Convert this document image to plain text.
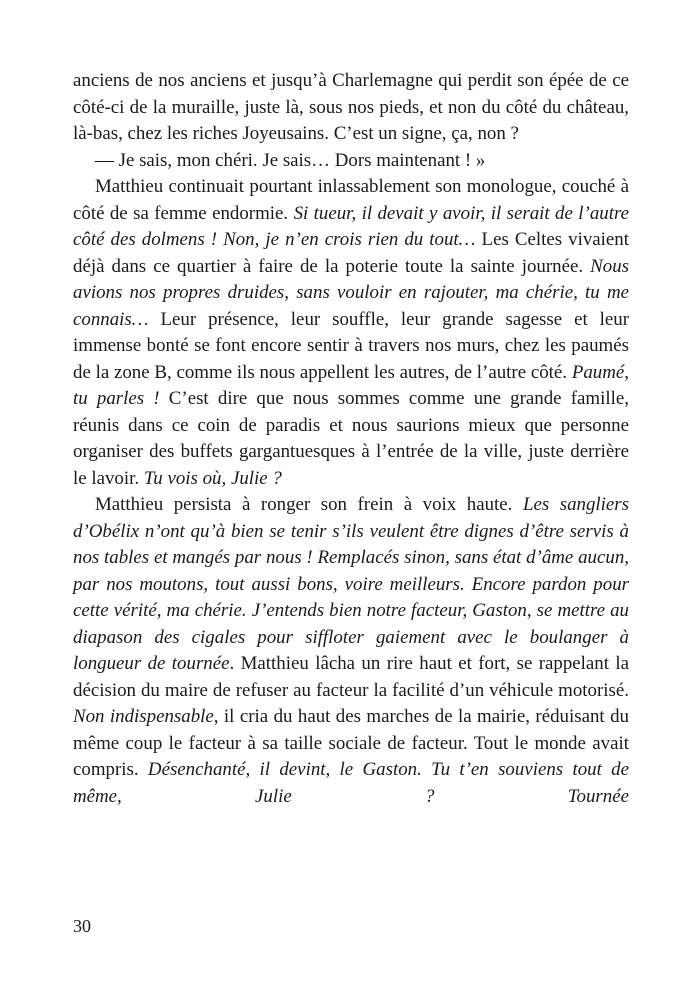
anciens de nos anciens et jusqu’à Charlemagne qui perdit son épée de ce côté-ci de la muraille, juste là, sous nos pieds, et non du côté du château, là-bas, chez les riches Joyeusains. C’est un signe, ça, non ?

— Je sais, mon chéri. Je sais… Dors maintenant ! »

Matthieu continuait pourtant inlassablement son monologue, couché à côté de sa femme endormie. Si tueur, il devait y avoir, il serait de l’autre côté des dolmens ! Non, je n’en crois rien du tout… Les Celtes vivaient déjà dans ce quartier à faire de la poterie toute la sainte journée. Nous avions nos propres druides, sans vouloir en rajouter, ma chérie, tu me connais… Leur présence, leur souffle, leur grande sagesse et leur immense bonté se font encore sentir à travers nos murs, chez les paumés de la zone B, comme ils nous appellent les autres, de l’autre côté. Paumé, tu parles ! C’est dire que nous sommes comme une grande famille, réunis dans ce coin de paradis et nous saurions mieux que personne organiser des buffets gargantuesques à l’entrée de la ville, juste derrière le lavoir. Tu vois où, Julie ?

Matthieu persista à ronger son frein à voix haute. Les sangliers d’Obélix n’ont qu’à bien se tenir s’ils veulent être dignes d’être servis à nos tables et mangés par nous ! Remplacés sinon, sans état d’âme aucun, par nos moutons, tout aussi bons, voire meilleurs. Encore pardon pour cette vérité, ma chérie. J’entends bien notre facteur, Gaston, se mettre au diapason des cigales pour siffloter gaiement avec le boulanger à longueur de tournée. Matthieu lâcha un rire haut et fort, se rappelant la décision du maire de refuser au facteur la facilité d’un véhicule motorisé. Non indispensable, il cria du haut des marches de la mairie, réduisant du même coup le facteur à sa taille sociale de facteur. Tout le monde avait compris. Désenchanté, il devint, le Gaston. Tu t’en souviens tout de même, Julie ? Tournée

30
